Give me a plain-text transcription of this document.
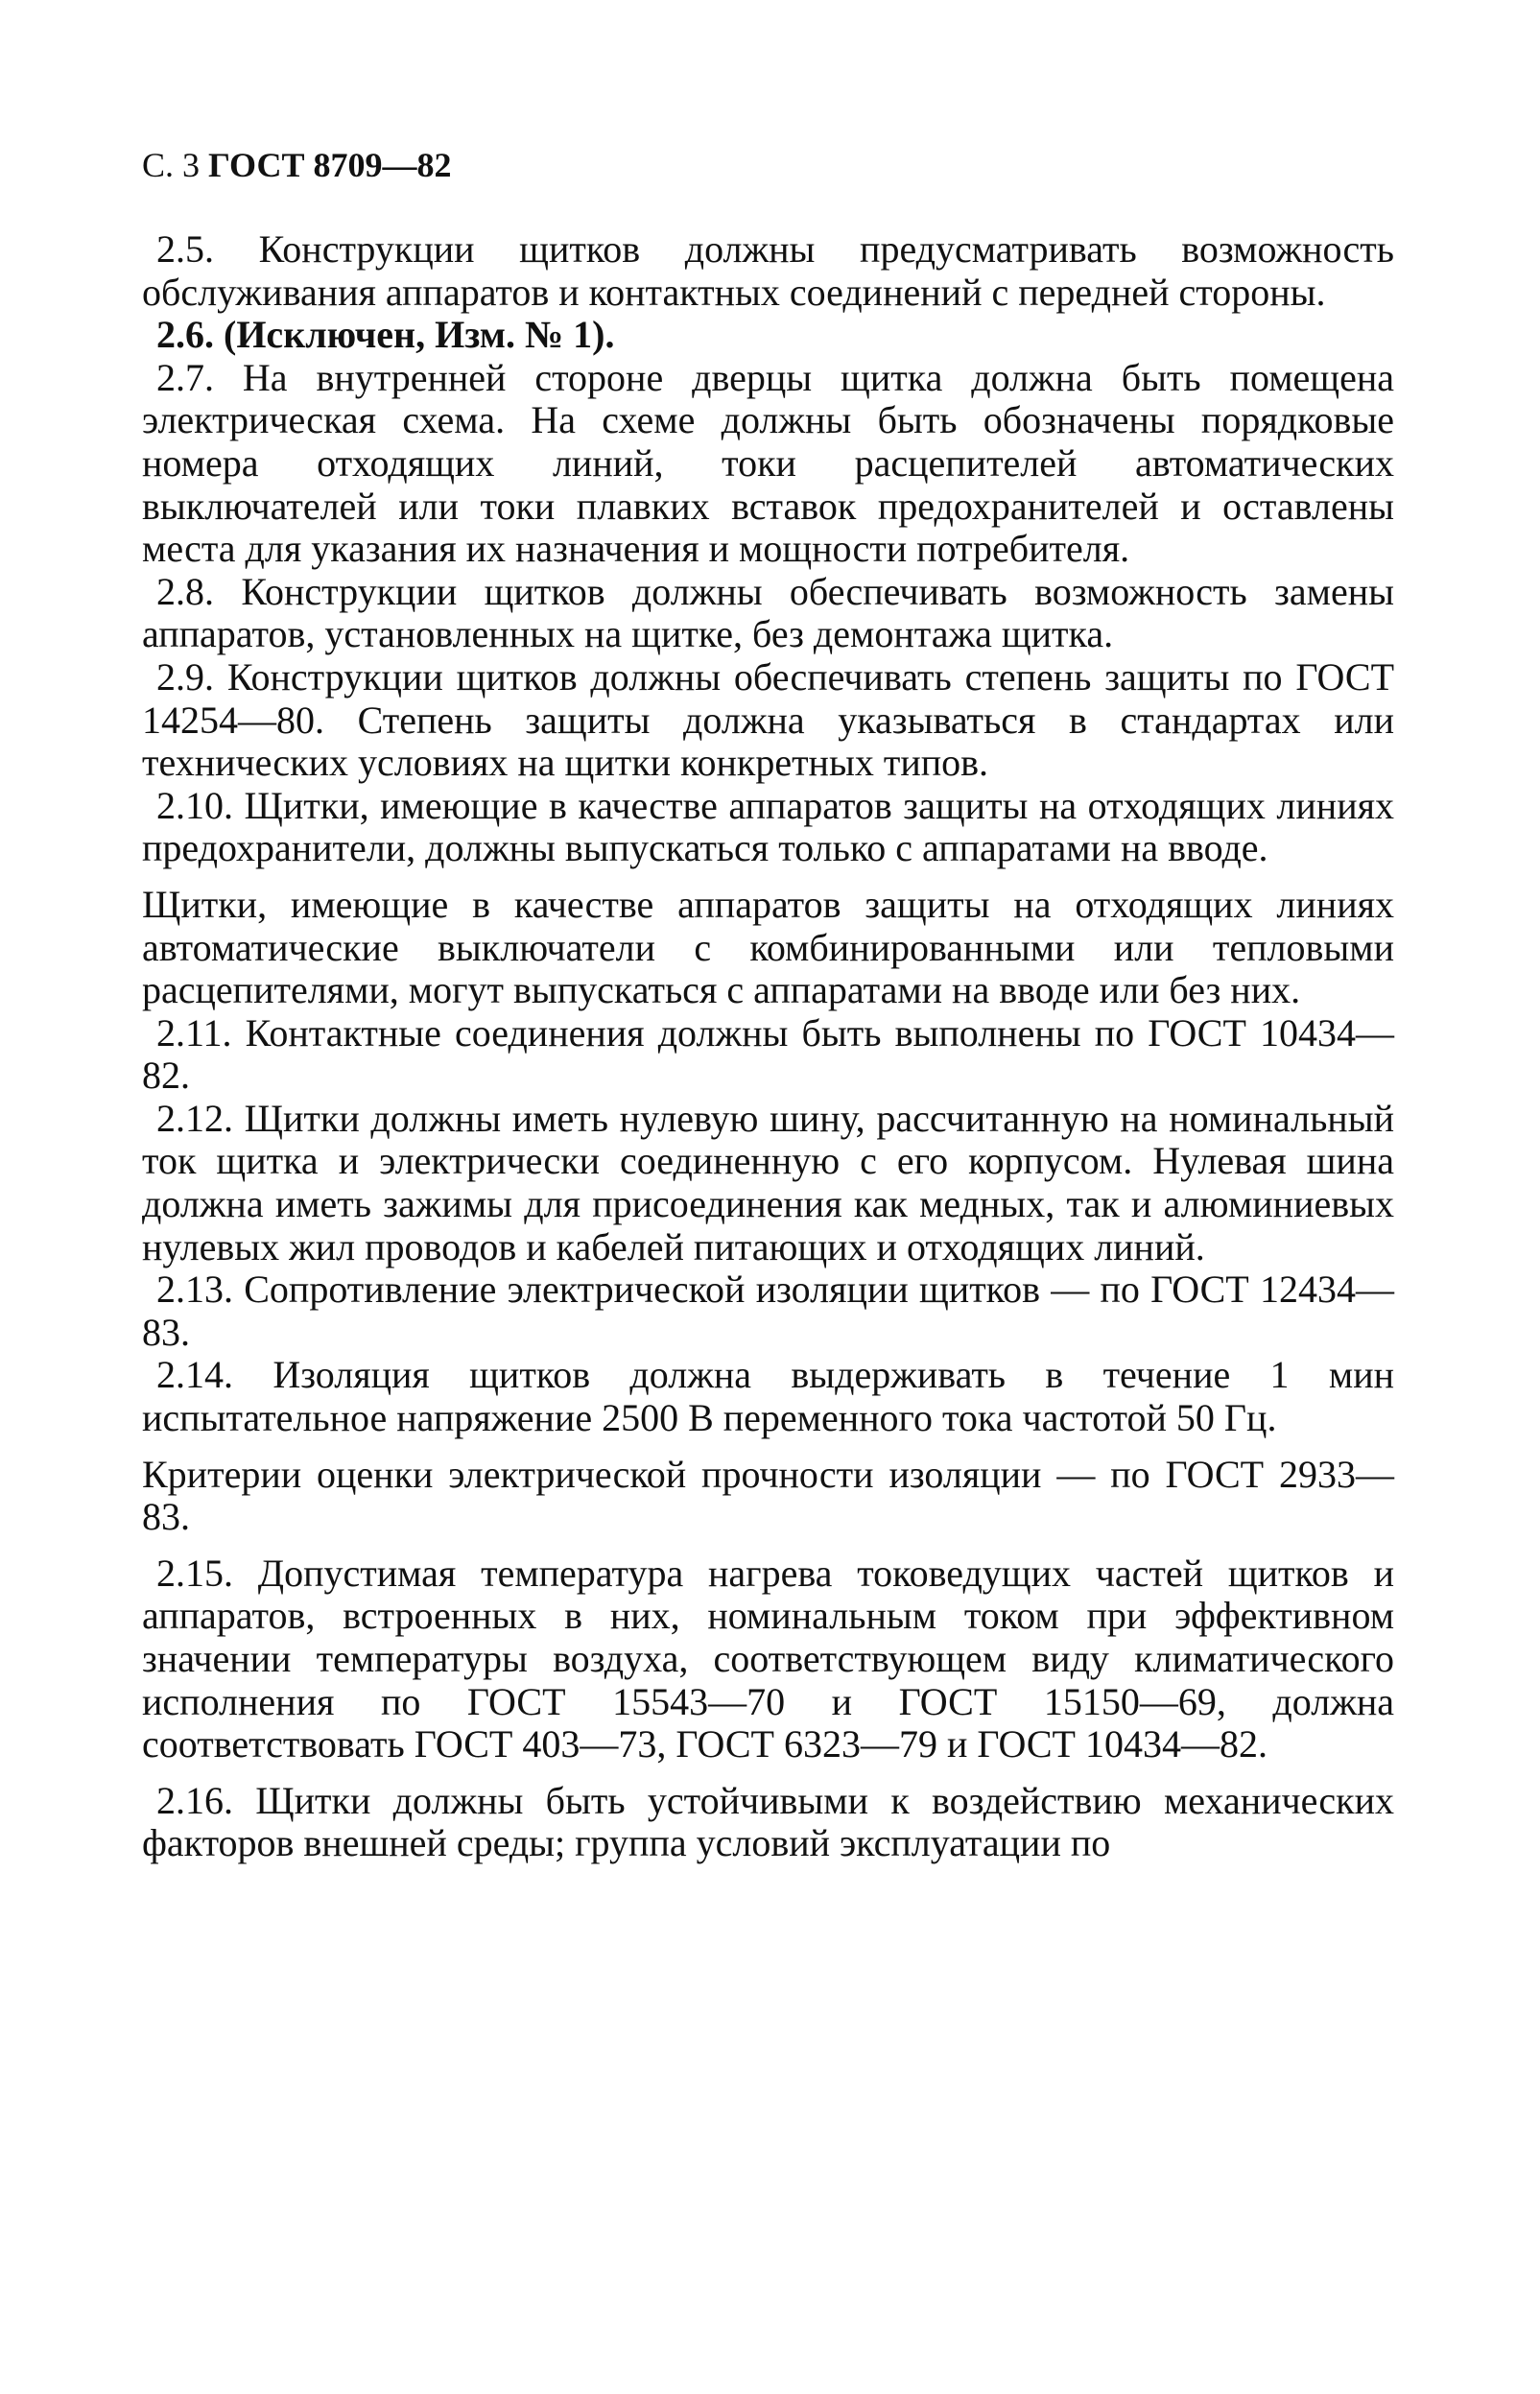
С. 3 ГОСТ 8709—82

2.5. Конструкции щитков должны предусматривать возможность обслуживания аппаратов и контактных соединений с передней стороны.

2.6. (Исключен, Изм. № 1).

2.7. На внутренней стороне дверцы щитка должна быть помещена электрическая схема. На схеме должны быть обозначены порядковые номера отходящих линий, токи расцепителей автоматических выключателей или токи плавких вставок предохранителей и оставлены места для указания их назначения и мощности потребителя.

2.8. Конструкции щитков должны обеспечивать возможность замены аппаратов, установленных на щитке, без демонтажа щитка.

2.9. Конструкции щитков должны обеспечивать степень защиты по ГОСТ 14254—80. Степень защиты должна указываться в стандартах или технических условиях на щитки конкретных типов.

2.10. Щитки, имеющие в качестве аппаратов защиты на отходящих линиях предохранители, должны выпускаться только с аппаратами на вводе.

Щитки, имеющие в качестве аппаратов защиты на отходящих линиях автоматические выключатели с комбинированными или тепловыми расцепителями, могут выпускаться с аппаратами на вводе или без них.

2.11. Контактные соединения должны быть выполнены по ГОСТ 10434—82.

2.12. Щитки должны иметь нулевую шину, рассчитанную на номинальный ток щитка и электрически соединенную с его корпусом. Нулевая шина должна иметь зажимы для присоединения как медных, так и алюминиевых нулевых жил проводов и кабелей питающих и отходящих линий.

2.13. Сопротивление электрической изоляции щитков — по ГОСТ 12434—83.

2.14. Изоляция щитков должна выдерживать в течение 1 мин испытательное напряжение 2500 В переменного тока частотой 50 Гц.

Критерии оценки электрической прочности изоляции — по ГОСТ 2933—83.

2.15. Допустимая температура нагрева токоведущих частей щитков и аппаратов, встроенных в них, номинальным током при эффективном значении температуры воздуха, соответствующем виду климатического исполнения по ГОСТ 15543—70 и ГОСТ 15150—69, должна соответствовать ГОСТ 403—73, ГОСТ 6323—79 и ГОСТ 10434—82.

2.16. Щитки должны быть устойчивыми к воздействию механических факторов внешней среды; группа условий эксплуатации по
